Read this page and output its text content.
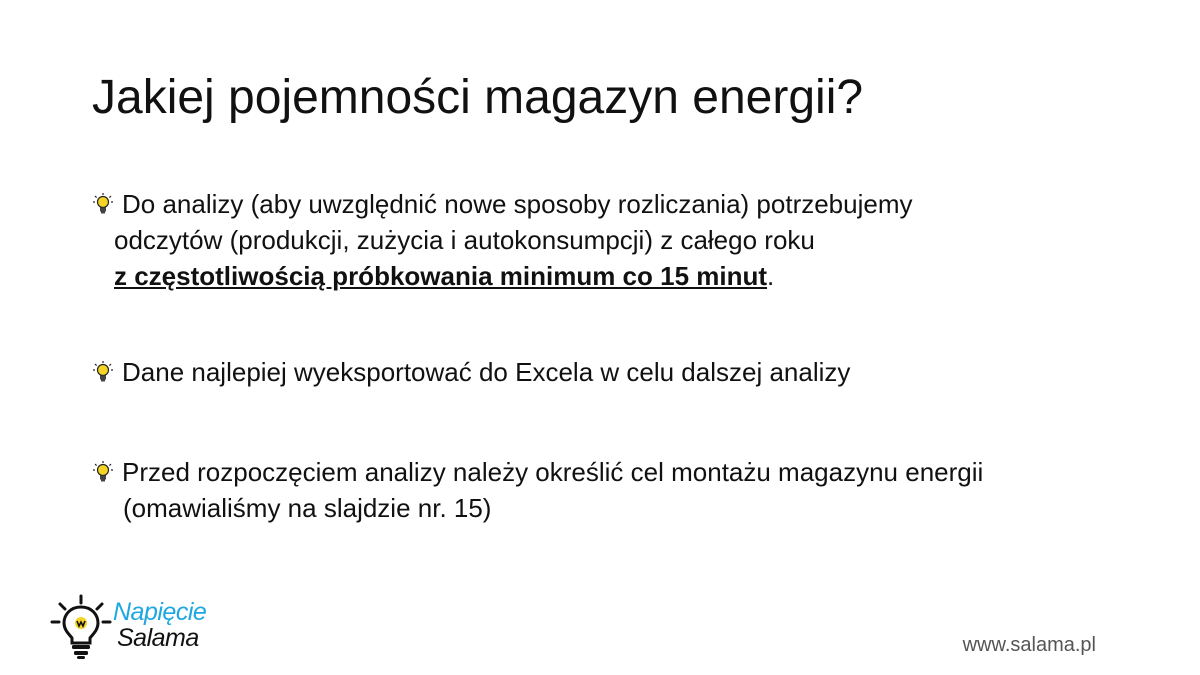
Jakiej pojemności magazyn energii?
Do analizy (aby uwzględnić nowe sposoby rozliczania) potrzebujemy
odczytów (produkcji, zużycia i autokonsumpcji) z całego roku
z częstotliwością próbkowania minimum co 15 minut.
Dane najlepiej wyeksportować do Excela w celu dalszej analizy
Przed rozpoczęciem analizy należy określić cel montażu magazynu energii
(omawialiśmy na slajdzie nr. 15)
Napięcie
Salama	www.salama.pl
